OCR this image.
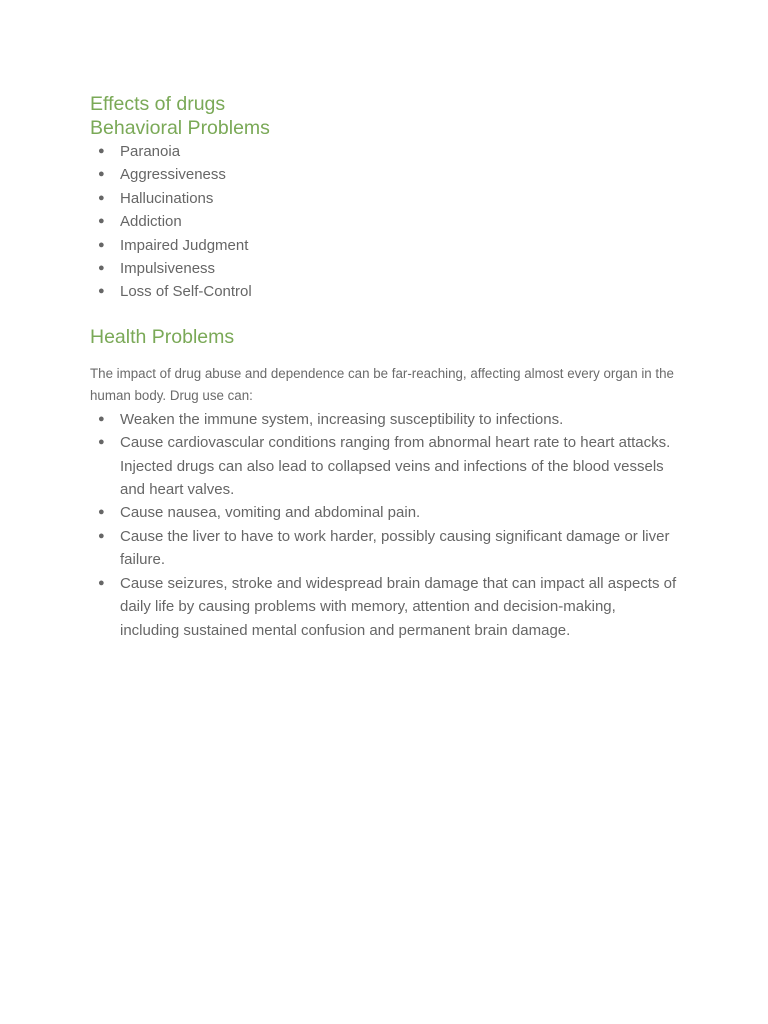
Effects of drugs
Behavioral Problems
● Paranoia
● Aggressiveness
● Hallucinations
● Addiction
● Impaired Judgment
● Impulsiveness
● Loss of Self-Control
Health Problems

The impact of drug abuse and dependence can be far-reaching, affecting almost every organ in the human body. Drug use can:

● Weaken the immune system, increasing susceptibility to infections.
● Cause cardiovascular conditions ranging from abnormal heart rate to heart attacks. Injected drugs can also lead to collapsed veins and infections of the blood vessels and heart valves.
● Cause nausea, vomiting and abdominal pain.
● Cause the liver to have to work harder, possibly causing significant damage or liver failure.
● Cause seizures, stroke and widespread brain damage that can impact all aspects of daily life by causing problems with memory, attention and decision-making, including sustained mental confusion and permanent brain damage.
